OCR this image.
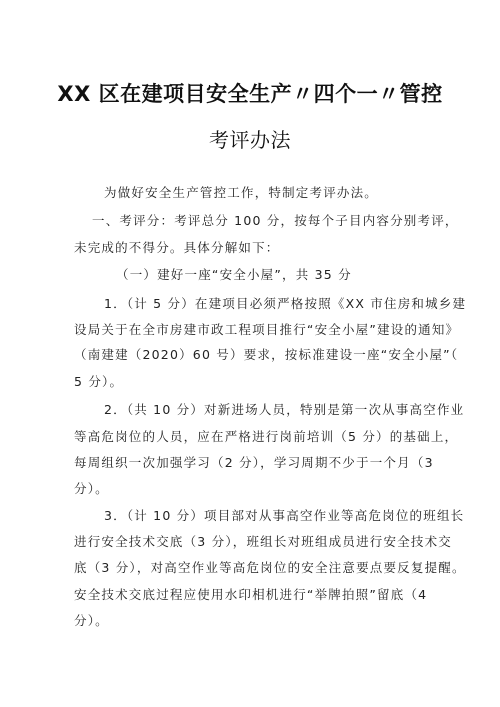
XX 区在建项目安全生产〃四个一〃管控
考评办法
为做好安全生产管控工作，特制定考评办法。
一、考评分：考评总分 100 分，按每个子目内容分别考评，
未完成的不得分。具体分解如下：
（一）建好一座“安全小屋”，共 35 分
1．（计 5 分）在建项目必须严格按照《XX 市住房和城乡建
设局关于在全市房建市政工程项目推行“安全小屋”建设的通知》
（南建建（2020）60 号）要求，按标准建设一座“安全小屋”（
5 分）。
2．（共 10 分）对新进场人员，特别是第一次从事高空作业
等高危岗位的人员，应在严格进行岗前培训（5 分）的基础上，
每周组织一次加强学习（2 分），学习周期不少于一个月（3
分）。
3．（计 10 分）项目部对从事高空作业等高危岗位的班组长
进行安全技术交底（3 分），班组长对班组成员进行安全技术交
底（3 分），对高空作业等高危岗位的安全注意要点要反复提醒。
安全技术交底过程应使用水印相机进行“举牌拍照”留底（4
分）。
